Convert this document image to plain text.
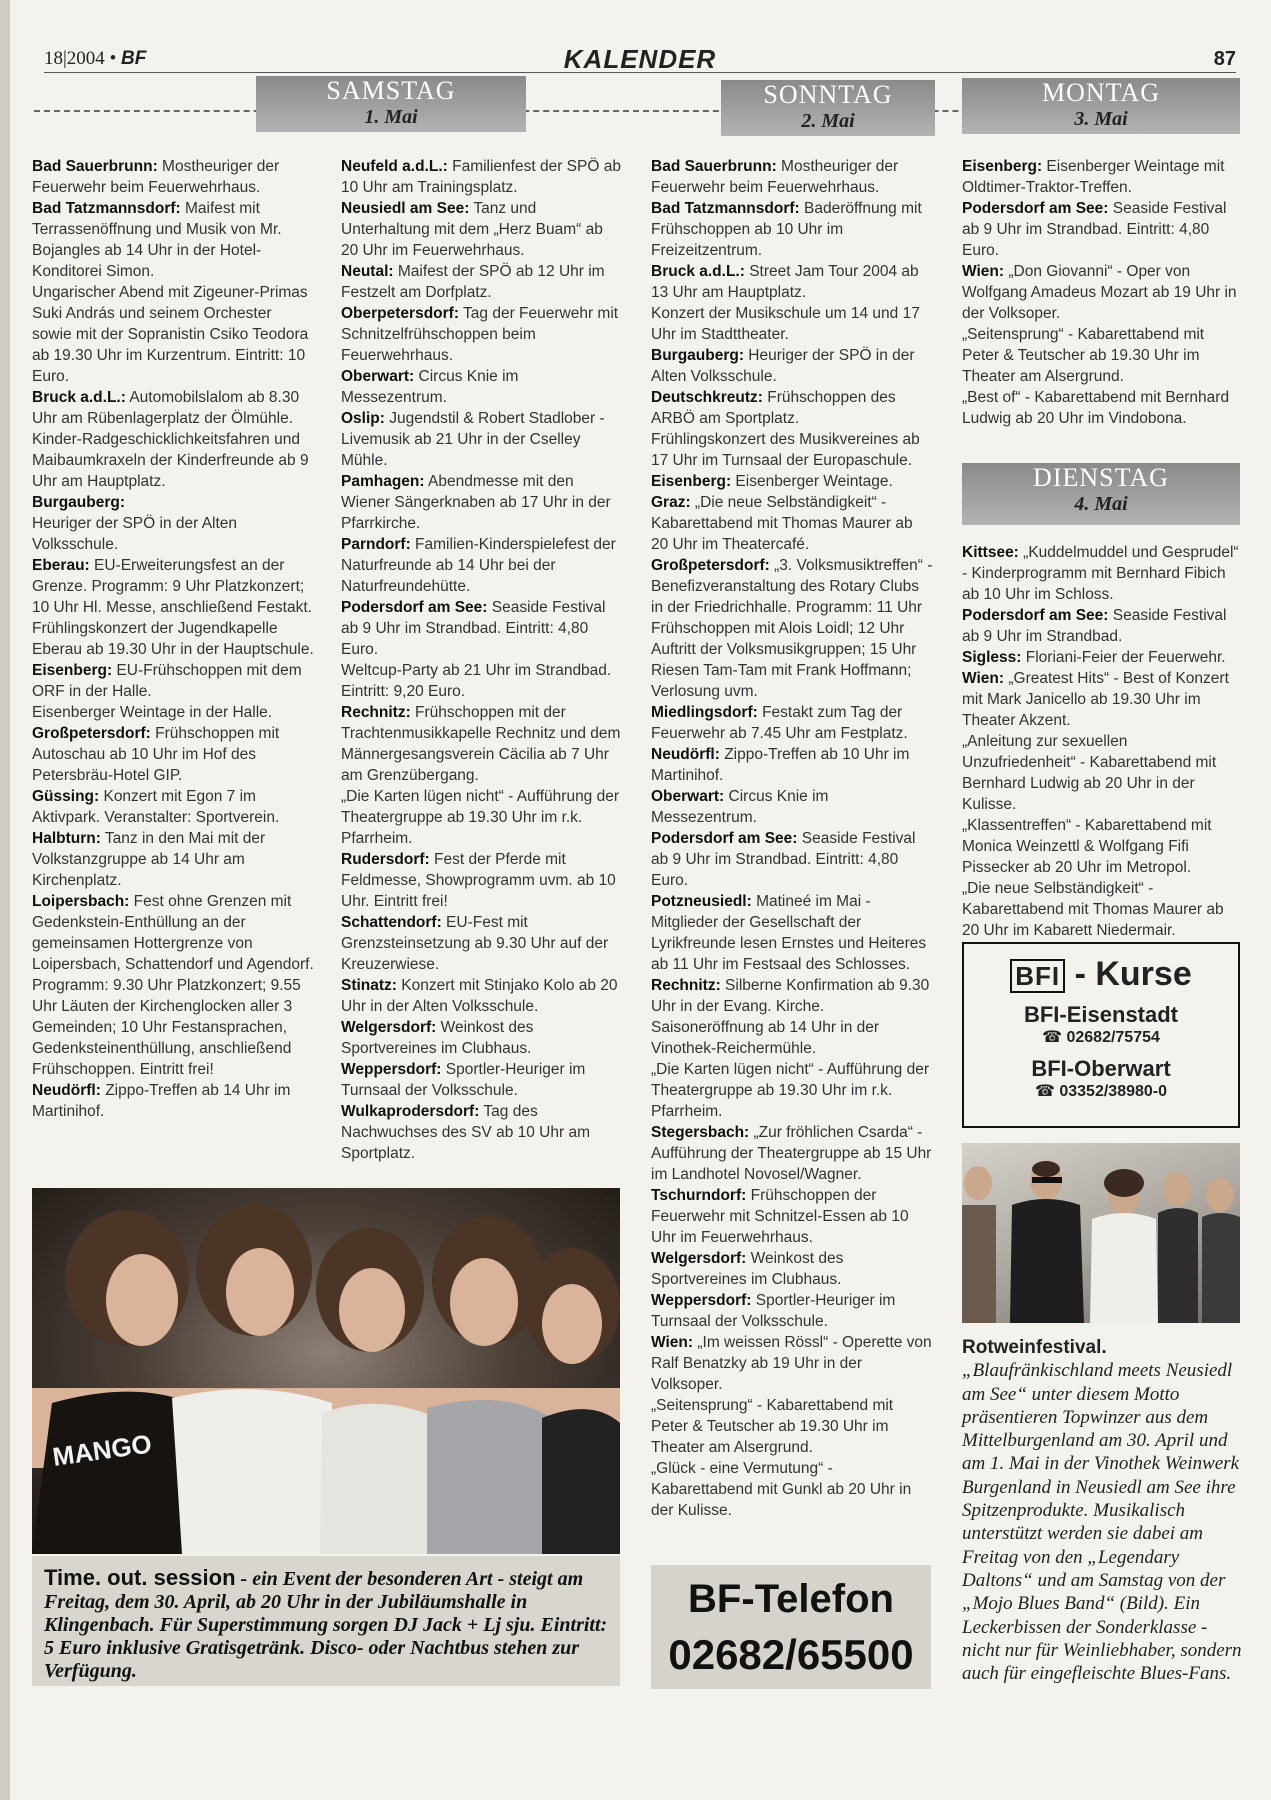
18|2004 • BF	KALENDER	87
SAMSTAG
1. Mai
SONNTAG
2. Mai
MONTAG
3. Mai

Bad Sauerbrunn: Mostheuriger der Feuerwehr beim Feuerwehrhaus.

Bad Tatzmannsdorf: Maifest mit Terrassenöffnung und Musik von Mr. Bojangles ab 14 Uhr in der Hotel-Konditorei Simon.

Ungarischer Abend mit Zigeuner-Primas Suki András und seinem Orchester sowie mit der Sopranistin Csiko Teodora ab 19.30 Uhr im Kurzentrum. Eintritt: 10 Euro.

Bruck a.d.L.: Automobilslalom ab 8.30 Uhr am Rübenlagerplatz der Ölmühle.

Kinder-Radgeschicklichkeitsfahren und Maibaumkraxeln der Kinderfreunde ab 9 Uhr am Hauptplatz.

Burgauberg:

Heuriger der SPÖ in der Alten Volksschule.

Eberau: EU-Erweiterungsfest an der Grenze. Programm: 9 Uhr Platzkonzert; 10 Uhr Hl. Messe, anschließend Festakt.

Frühlingskonzert der Jugendkapelle Eberau ab 19.30 Uhr in der Hauptschule.

Eisenberg: EU-Frühschoppen mit dem ORF in der Halle.

Eisenberger Weintage in der Halle.

Großpetersdorf: Frühschoppen mit Autoschau ab 10 Uhr im Hof des Petersbräu-Hotel GIP.

Güssing: Konzert mit Egon 7 im Aktivpark. Veranstalter: Sportverein.

Halbturn: Tanz in den Mai mit der Volkstanzgruppe ab 14 Uhr am Kirchenplatz.

Loipersbach: Fest ohne Grenzen mit Gedenkstein-Enthüllung an der gemeinsamen Hottergrenze von Loipersbach, Schattendorf und Agendorf. Programm: 9.30 Uhr Platzkonzert; 9.55 Uhr Läuten der Kirchenglocken aller 3 Gemeinden; 10 Uhr Festansprachen, Gedenksteinenthüllung, anschließend Frühschoppen. Eintritt frei!

Neudörfl: Zippo-Treffen ab 14 Uhr im Martinihof.

Neufeld a.d.L.: Familienfest der SPÖ ab 10 Uhr am Trainingsplatz.

Neusiedl am See: Tanz und Unterhaltung mit dem „Herz Buam“ ab 20 Uhr im Feuerwehrhaus.

Neutal: Maifest der SPÖ ab 12 Uhr im Festzelt am Dorfplatz.

Oberpetersdorf: Tag der Feuerwehr mit Schnitzelfrühschoppen beim Feuerwehrhaus.

Oberwart: Circus Knie im Messezentrum.

Oslip: Jugendstil & Robert Stadlober - Livemusik ab 21 Uhr in der Cselley Mühle.

Pamhagen: Abendmesse mit den Wiener Sängerknaben ab 17 Uhr in der Pfarrkirche.

Parndorf: Familien-Kinderspielefest der Naturfreunde ab 14 Uhr bei der Naturfreundehütte.

Podersdorf am See: Seaside Festival ab 9 Uhr im Strandbad. Eintritt: 4,80 Euro.

Weltcup-Party ab 21 Uhr im Strandbad. Eintritt: 9,20 Euro.

Rechnitz: Frühschoppen mit der Trachtenmusikkapelle Rechnitz und dem Männergesangsverein Cäcilia ab 7 Uhr am Grenzübergang.

„Die Karten lügen nicht“ - Aufführung der Theatergruppe ab 19.30 Uhr im r.k. Pfarrheim.

Rudersdorf: Fest der Pferde mit Feldmesse, Showprogramm uvm. ab 10 Uhr. Eintritt frei!

Schattendorf: EU-Fest mit Grenzsteinsetzung ab 9.30 Uhr auf der Kreuzerwiese.

Stinatz: Konzert mit Stinjako Kolo ab 20 Uhr in der Alten Volksschule.

Welgersdorf: Weinkost des Sportvereines im Clubhaus.

Weppersdorf: Sportler-Heuriger im Turnsaal der Volksschule.

Wulkaprodersdorf: Tag des Nachwuchses des SV ab 10 Uhr am Sportplatz.

Bad Sauerbrunn: Mostheuriger der Feuerwehr beim Feuerwehrhaus.

Bad Tatzmannsdorf: Baderöffnung mit Frühschoppen ab 10 Uhr im Freizeitzentrum.

Bruck a.d.L.: Street Jam Tour 2004 ab 13 Uhr am Hauptplatz.

Konzert der Musikschule um 14 und 17 Uhr im Stadttheater.

Burgauberg: Heuriger der SPÖ in der Alten Volksschule.

Deutschkreutz: Frühschoppen des ARBÖ am Sportplatz.

Frühlingskonzert des Musikvereines ab 17 Uhr im Turnsaal der Europaschule.

Eisenberg: Eisenberger Weintage.

Graz: „Die neue Selbständigkeit“ - Kabarettabend mit Thomas Maurer ab 20 Uhr im Theatercafé.

Großpetersdorf: „3. Volksmusiktreffen“ - Benefizveranstaltung des Rotary Clubs in der Friedrichhalle. Programm: 11 Uhr Frühschoppen mit Alois Loidl; 12 Uhr Auftritt der Volksmusikgruppen; 15 Uhr Riesen Tam-Tam mit Frank Hoffmann; Verlosung uvm.

Miedlingsdorf: Festakt zum Tag der Feuerwehr ab 7.45 Uhr am Festplatz.

Neudörfl: Zippo-Treffen ab 10 Uhr im Martinihof.

Oberwart: Circus Knie im Messezentrum.

Podersdorf am See: Seaside Festival ab 9 Uhr im Strandbad. Eintritt: 4,80 Euro.

Potzneusiedl: Matineé im Mai - Mitglieder der Gesellschaft der Lyrikfreunde lesen Ernstes und Heiteres ab 11 Uhr im Festsaal des Schlosses.

Rechnitz: Silberne Konfirmation ab 9.30 Uhr in der Evang. Kirche.

Saisoneröffnung ab 14 Uhr in der Vinothek-Reichermühle.

„Die Karten lügen nicht“ - Aufführung der Theatergruppe ab 19.30 Uhr im r.k. Pfarrheim.

Stegersbach: „Zur fröhlichen Csarda“ - Aufführung der Theatergruppe ab 15 Uhr im Landhotel Novosel/Wagner.

Tschurndorf: Frühschoppen der Feuerwehr mit Schnitzel-Essen ab 10 Uhr im Feuerwehrhaus.

Welgersdorf: Weinkost des Sportvereines im Clubhaus.

Weppersdorf: Sportler-Heuriger im Turnsaal der Volksschule.

Wien: „Im weissen Rössl“ - Operette von Ralf Benatzky ab 19 Uhr in der Volksoper.

„Seitensprung“ - Kabarettabend mit Peter & Teutscher ab 19.30 Uhr im Theater am Alsergrund.

„Glück - eine Vermutung“ - Kabarettabend mit Gunkl ab 20 Uhr in der Kulisse.

Eisenberg: Eisenberger Weintage mit Oldtimer-Traktor-Treffen.

Podersdorf am See: Seaside Festival ab 9 Uhr im Strandbad. Eintritt: 4,80 Euro.

Wien: „Don Giovanni“ - Oper von Wolfgang Amadeus Mozart ab 19 Uhr in der Volksoper.

„Seitensprung“ - Kabarettabend mit Peter & Teutscher ab 19.30 Uhr im Theater am Alsergrund.

„Best of“ - Kabarettabend mit Bernhard Ludwig ab 20 Uhr im Vindobona.

DIENSTAG
4. Mai

Kittsee: „Kuddelmuddel und Gesprudel“ - Kinderprogramm mit Bernhard Fibich ab 10 Uhr im Schloss.

Podersdorf am See: Seaside Festival ab 9 Uhr im Strandbad.

Sigless: Floriani-Feier der Feuerwehr.

Wien: „Greatest Hits“ - Best of Konzert mit Mark Janicello ab 19.30 Uhr im Theater Akzent.

„Anleitung zur sexuellen Unzufriedenheit“ - Kabarettabend mit Bernhard Ludwig ab 20 Uhr in der Kulisse.

„Klassentreffen“ - Kabarettabend mit Monica Weinzettl & Wolfgang Fifi Pissecker ab 20 Uhr im Metropol.

„Die neue Selbständigkeit“ - Kabarettabend mit Thomas Maurer ab 20 Uhr im Kabarett Niedermair.

MANGO
Time. out. session - ein Event der besonderen Art - steigt am Freitag, dem 30. April, ab 20 Uhr in der Jubiläumshalle in Klingenbach. Für Superstimmung sorgen DJ Jack + Lj sju. Eintritt: 5 Euro inklusive Gratisgetränk. Disco- oder Nachtbus stehen zur Verfügung.
BF-Telefon
02682/65500
BFI - Kurse
BFI-Eisenstadt
☎ 02682/75754
BFI-Oberwart
☎ 03352/38980-0
Rotweinfestival. „Blaufränkischland meets Neusiedl am See“ unter diesem Motto präsentieren Topwinzer aus dem Mittelburgenland am 30. April und am 1. Mai in der Vinothek Weinwerk Burgenland in Neusiedl am See ihre Spitzenprodukte. Musikalisch unterstützt werden sie dabei am Freitag von den „Legendary Daltons“ und am Samstag von der „Mojo Blues Band“ (Bild). Ein Leckerbissen der Sonderklasse - nicht nur für Weinliebhaber, sondern auch für eingefleischte Blues-Fans.
